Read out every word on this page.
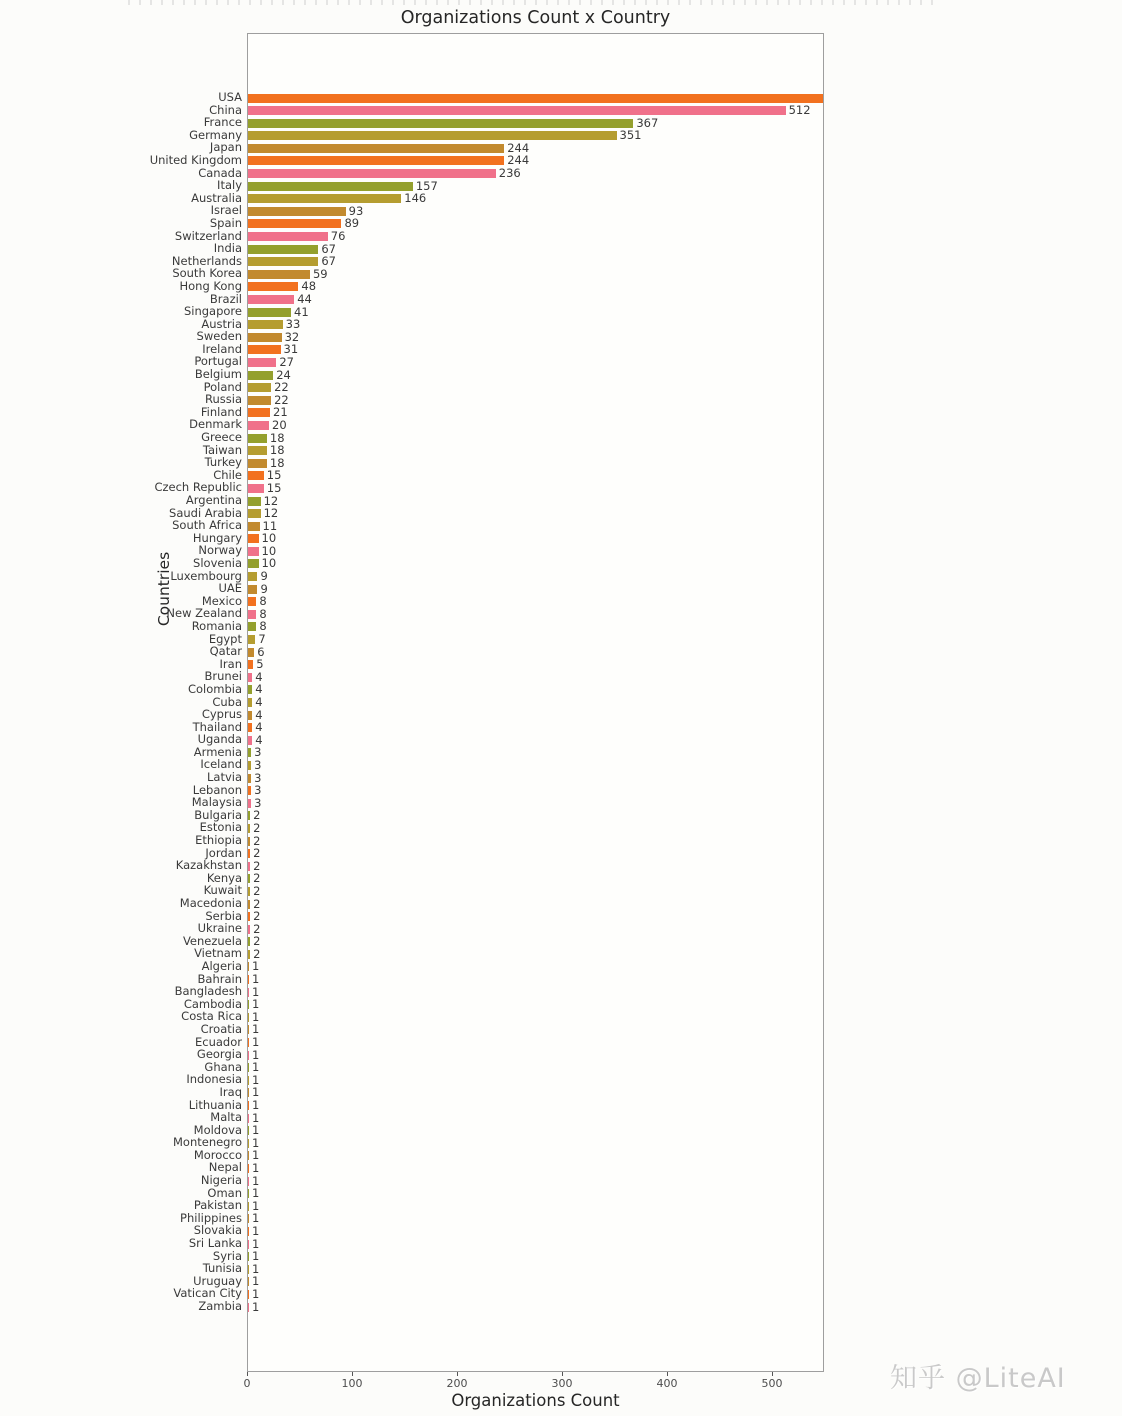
Organizations Count x Country
Countries
512
367
351
244
244
236
157
146
93
89
76
67
67
59
48
44
41
33
32
31
27
24
22
22
21
20
18
18
18
15
15
12
12
11
10
10
10
9
9
8
8
8
7
6
5
4
4
4
4
4
4
3
3
3
3
3
2
2
2
2
2
2
2
2
2
2
2
2
1
1
1
1
1
1
1
1
1
1
1
1
1
1
1
1
1
1
1
1
1
1
1
1
1
1
1
1
USA
China
France
Germany
Japan
United Kingdom
Canada
Italy
Australia
Israel
Spain
Switzerland
India
Netherlands
South Korea
Hong Kong
Brazil
Singapore
Austria
Sweden
Ireland
Portugal
Belgium
Poland
Russia
Finland
Denmark
Greece
Taiwan
Turkey
Chile
Czech Republic
Argentina
Saudi Arabia
South Africa
Hungary
Norway
Slovenia
Luxembourg
UAE
Mexico
New Zealand
Romania
Egypt
Qatar
Iran
Brunei
Colombia
Cuba
Cyprus
Thailand
Uganda
Armenia
Iceland
Latvia
Lebanon
Malaysia
Bulgaria
Estonia
Ethiopia
Jordan
Kazakhstan
Kenya
Kuwait
Macedonia
Serbia
Ukraine
Venezuela
Vietnam
Algeria
Bahrain
Bangladesh
Cambodia
Costa Rica
Croatia
Ecuador
Georgia
Ghana
Indonesia
Iraq
Lithuania
Malta
Moldova
Montenegro
Morocco
Nepal
Nigeria
Oman
Pakistan
Philippines
Slovakia
Sri Lanka
Syria
Tunisia
Uruguay
Vatican City
Zambia
0	100	200	300	400	500
Organizations Count
知乎 @LiteAI
